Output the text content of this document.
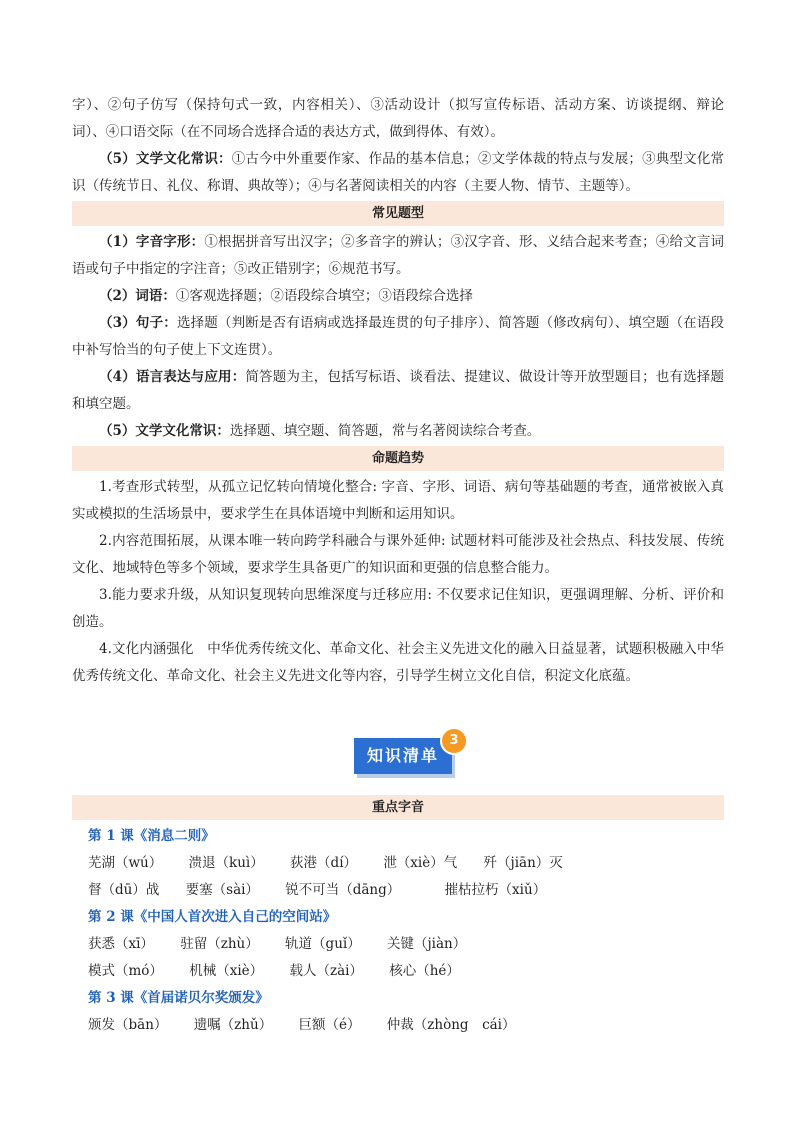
字）、②句子仿写（保持句式一致，内容相关）、③活动设计（拟写宣传标语、活动方案、访谈提纲、辩论词）、④口语交际（在不同场合选择合适的表达方式，做到得体、有效）。

（5）文学文化常识：①古今中外重要作家、作品的基本信息；②文学体裁的特点与发展；③典型文化常识（传统节日、礼仪、称谓、典故等）；④与名著阅读相关的内容（主要人物、情节、主题等）。

常见题型

（1）字音字形：①根据拼音写出汉字；②多音字的辨认；③汉字音、形、义结合起来考查；④给文言词语或句子中指定的字注音；⑤改正错别字；⑥规范书写。

（2）词语：①客观选择题；②语段综合填空；③语段综合选择

（3）句子：选择题（判断是否有语病或选择最连贯的句子排序）、简答题（修改病句）、填空题（在语段中补写恰当的句子使上下文连贯）。

（4）语言表达与应用：简答题为主，包括写标语、谈看法、提建议、做设计等开放型题目；也有选择题和填空题。

（5）文学文化常识：选择题、填空题、简答题，常与名著阅读综合考查。

命题趋势

1.考查形式转型，从孤立记忆转向情境化整合: 字音、字形、词语、病句等基础题的考查，通常被嵌入真实或模拟的生活场景中，要求学生在具体语境中判断和运用知识。

2.内容范围拓展，从课本唯一转向跨学科融合与课外延伸: 试题材料可能涉及社会热点、科技发展、传统文化、地域特色等多个领域，要求学生具备更广的知识面和更强的信息整合能力。

3.能力要求升级，从知识复现转向思维深度与迁移应用: 不仅要求记住知识，更强调理解、分析、评价和创造。

4.文化内涵强化　中华优秀传统文化、革命文化、社会主义先进文化的融入日益显著，试题积极融入中华优秀传统文化、革命文化、社会主义先进文化等内容，引导学生树立文化自信，积淀文化底蕴。

知识清单
3
重点字音
第 1 课《消息二则》
芜湖（wú） 溃退（kuì） 荻港（dí） 泄（xiè）气 歼（jiān）灭
督（dū）战 要塞（sài） 锐不可当（dāng）	摧枯拉朽（xiǔ）
第 2 课《中国人首次进入自己的空间站》
获悉（xī） 驻留（zhù） 轨道（guǐ） 关键（jiàn）
模式（mó） 机械（xiè） 载人（zài） 核心（hé）
第 3 课《首届诺贝尔奖颁发》
颁发（bān） 遗嘱（zhǔ） 巨额（é） 仲裁（zhòng　cái）
